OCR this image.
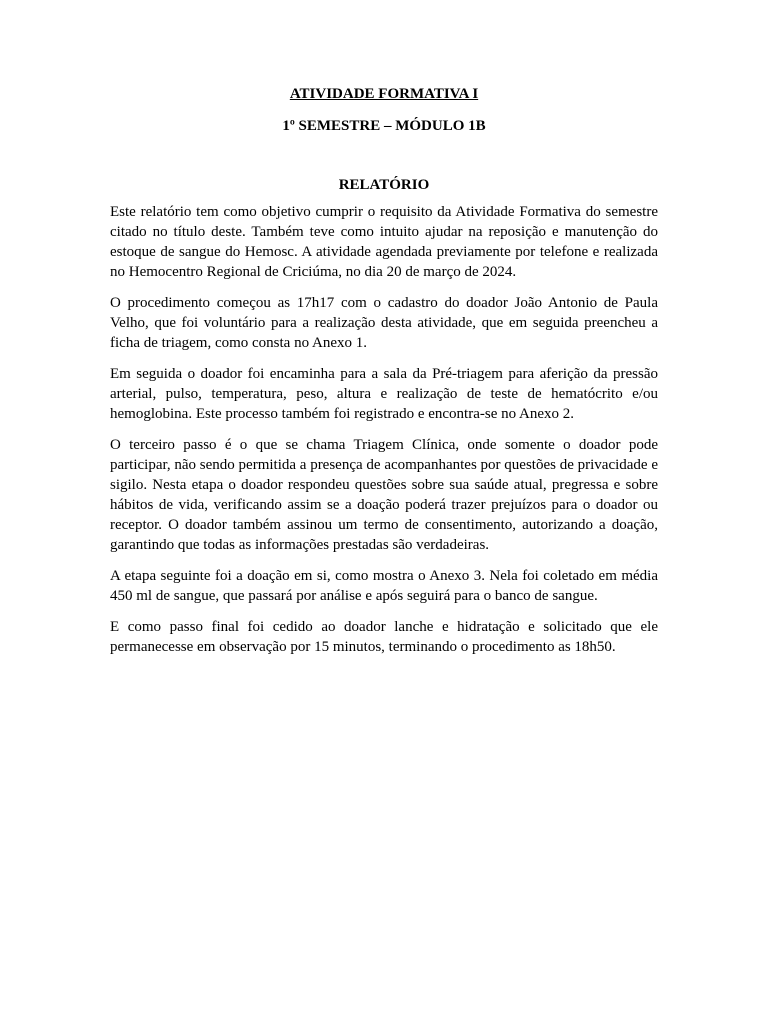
ATIVIDADE FORMATIVA I

1º SEMESTRE – MÓDULO 1B

RELATÓRIO

Este relatório tem como objetivo cumprir o requisito da Atividade Formativa do semestre citado no título deste. Também teve como intuito ajudar na reposição e manutenção do estoque de sangue do Hemosc. A atividade agendada previamente por telefone e realizada no Hemocentro Regional de Criciúma, no dia 20 de março de 2024.

O procedimento começou as 17h17 com o cadastro do doador João Antonio de Paula Velho, que foi voluntário para a realização desta atividade, que em seguida preencheu a ficha de triagem, como consta no Anexo 1.

Em seguida o doador foi encaminha para a sala da Pré-triagem para aferição da pressão arterial, pulso, temperatura, peso, altura e realização de teste de hematócrito e/ou hemoglobina. Este processo também foi registrado e encontra-se no Anexo 2.

O terceiro passo é o que se chama Triagem Clínica, onde somente o doador pode participar, não sendo permitida a presença de acompanhantes por questões de privacidade e sigilo. Nesta etapa o doador respondeu questões sobre sua saúde atual, pregressa e sobre hábitos de vida, verificando assim se a doação poderá trazer prejuízos para o doador ou receptor. O doador também assinou um termo de consentimento, autorizando a doação, garantindo que todas as informações prestadas são verdadeiras.

A etapa seguinte foi a doação em si, como mostra o Anexo 3. Nela foi coletado em média 450 ml de sangue, que passará por análise e após seguirá para o banco de sangue.

E como passo final foi cedido ao doador lanche e hidratação e solicitado que ele permanecesse em observação por 15 minutos, terminando o procedimento as 18h50.
